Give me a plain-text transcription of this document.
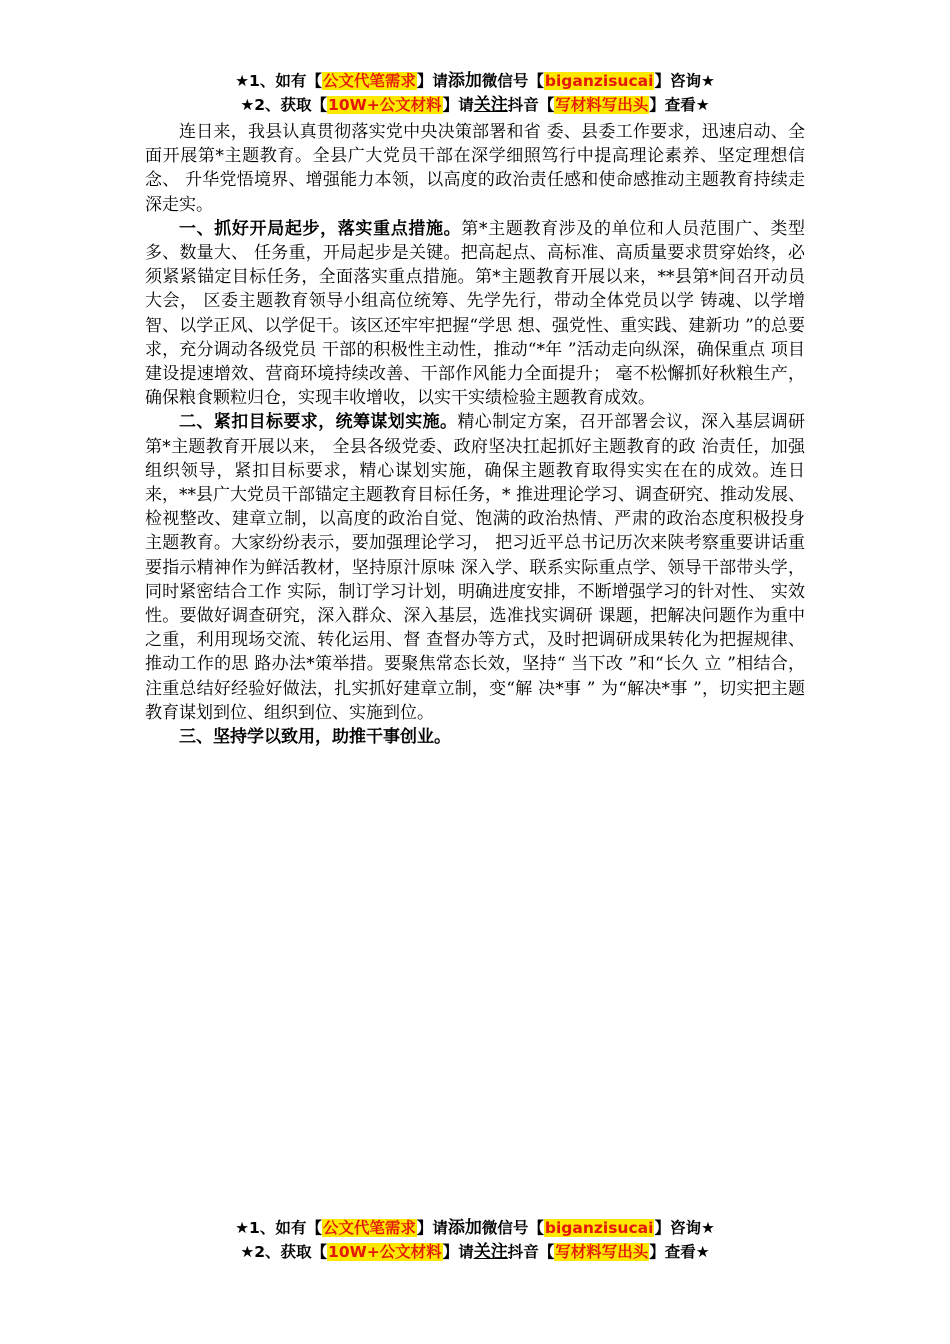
★1、如有【公文代笔需求】请添加微信号【biganzisucai】咨询★
★2、获取【10W+公文材料】请关注抖音【写材料写出头】查看★

连日来，我县认真贯彻落实党中央决策部署和省 委、县委工作要求，迅速启动、全面开展第*主题教育。全县广大党员干部在深学细照笃行中提高理论素养、坚定理想信念、 升华党悟境界、增强能力本领，以高度的政治责任感和使命感推动主题教育持续走深走实。

一、抓好开局起步，落实重点措施。第*主题教育涉及的单位和人员范围广、类型多、数量大、 任务重，开局起步是关键。把高起点、高标准、高质量要求贯穿始终，必须紧紧锚定目标任务，全面落实重点措施。第*主题教育开展以来，**县第*间召开动员大会， 区委主题教育领导小组高位统筹、先学先行，带动全体党员以学 铸魂、以学增智、以学正风、以学促干。该区还牢牢把握“学思 想、强党性、重实践、建新功 ”的总要求，充分调动各级党员 干部的积极性主动性，推动“*年 ”活动走向纵深，确保重点 项目建设提速增效、营商环境持续改善、干部作风能力全面提升； 毫不松懈抓好秋粮生产，确保粮食颗粒归仓，实现丰收增收，以实干实绩检验主题教育成效。

二、紧扣目标要求，统筹谋划实施。精心制定方案，召开部署会议，深入基层调研第*主题教育开展以来， 全县各级党委、政府坚决扛起抓好主题教育的政 治责任，加强组织领导，紧扣目标要求，精心谋划实施，确保主题教育取得实实在在的成效。连日来，**县广大党员干部锚定主题教育目标任务，* 推进理论学习、调查研究、推动发展、检视整改、建章立制，以高度的政治自觉、饱满的政治热情、严肃的政治态度积极投身主题教育。大家纷纷表示，要加强理论学习， 把习近平总书记历次来陕考察重要讲话重要指示精神作为鲜活教材，坚持原汁原味 深入学、联系实际重点学、领导干部带头学，同时紧密结合工作 实际，制订学习计划，明确进度安排，不断增强学习的针对性、 实效性。要做好调查研究，深入群众、深入基层，选准找实调研 课题，把解决问题作为重中之重，利用现场交流、转化运用、督 查督办等方式，及时把调研成果转化为把握规律、推动工作的思 路办法*策举措。要聚焦常态长效，坚持“ 当下改 ”和“长久 立 ”相结合，注重总结好经验好做法，扎实抓好建章立制，变“解 决*事 ” 为“解决*事 ”，切实把主题教育谋划到位、组织到位、实施到位。

三、坚持学以致用，助推干事创业。

★1、如有【公文代笔需求】请添加微信号【biganzisucai】咨询★
★2、获取【10W+公文材料】请关注抖音【写材料写出头】查看★
